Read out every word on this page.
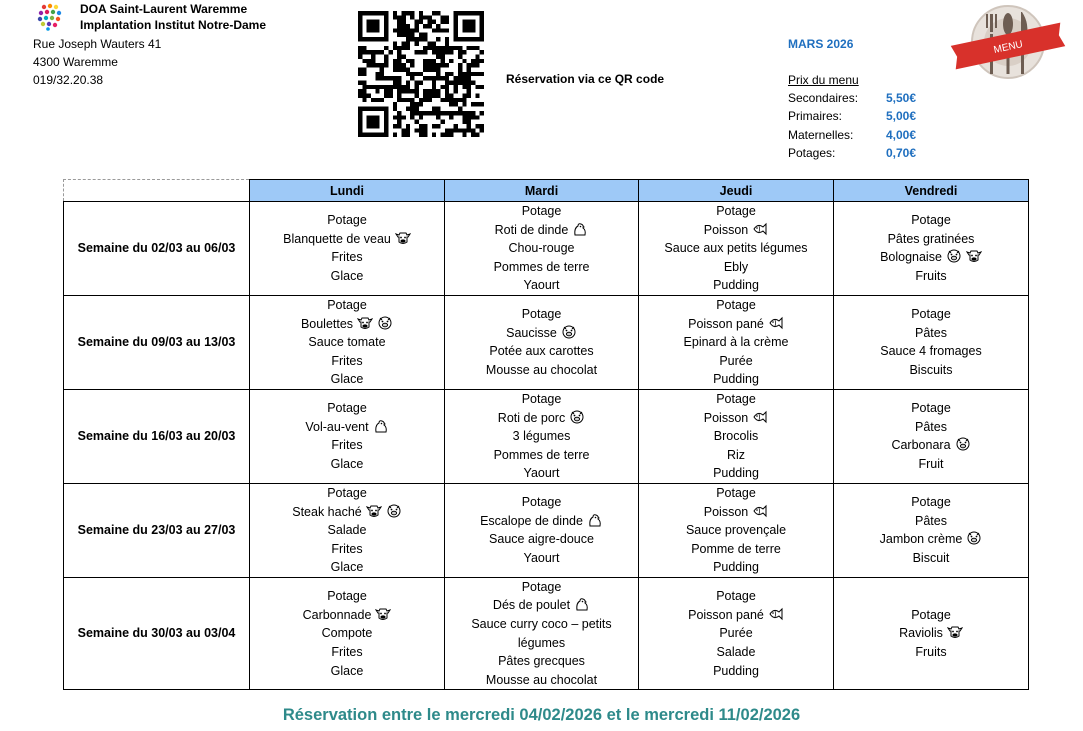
DOA Saint-Laurent Waremme
Implantation Institut Notre-Dame
Rue Joseph Wauters 41
4300 Waremme
019/32.20.38	Réservation via ce QR code
MARS 2026
Prix du menu
Secondaires: 5,50€
Primaires:	5,00€
Maternelles:	4,00€
Potages:	0,70€
MENU
	Lundi	Mardi	Jeudi	Vendredi
Semaine du 02/03 au 06/03	Potage
Blanquette de veau
Frites
Glace	Potage
Roti de dinde
Chou-rouge
Pommes de terre
Yaourt	Potage
Poisson
Sauce aux petits légumes
Ebly
Pudding	Potage
Pâtes gratinées
Bolognaise
Fruits

Semaine du 09/03 au 13/03	Potage
Boulettes
Sauce tomate
Frites
Glace	Potage
Saucisse
Potée aux carottes
Mousse au chocolat	Potage
Poisson pané
Epinard à la crème
Purée
Pudding	Potage
Pâtes
Sauce 4 fromages
Biscuits

Semaine du 16/03 au 20/03	Potage
Vol-au-vent
Frites
Glace	Potage
Roti de porc
3 légumes
Pommes de terre
Yaourt	Potage
Poisson
Brocolis
Riz
Pudding	Potage
Pâtes
Carbonara
Fruit

Semaine du 23/03 au 27/03	Potage
Steak haché
Salade
Frites
Glace	Potage
Escalope de dinde
Sauce aigre-douce
Yaourt	Potage
Poisson
Sauce provençale
Pomme de terre
Pudding	Potage
Pâtes
Jambon crème
Biscuit

Semaine du 30/03 au 03/04	Potage
Carbonnade
Compote
Frites
Glace	Potage
Dés de poulet
Sauce curry coco – petits légumes
Pâtes grecques
Mousse au chocolat	Potage
Poisson pané
Purée
Salade
Pudding	Potage
Raviolis
Fruits
Réservation entre le mercredi 04/02/2026 et le mercredi 11/02/2026
